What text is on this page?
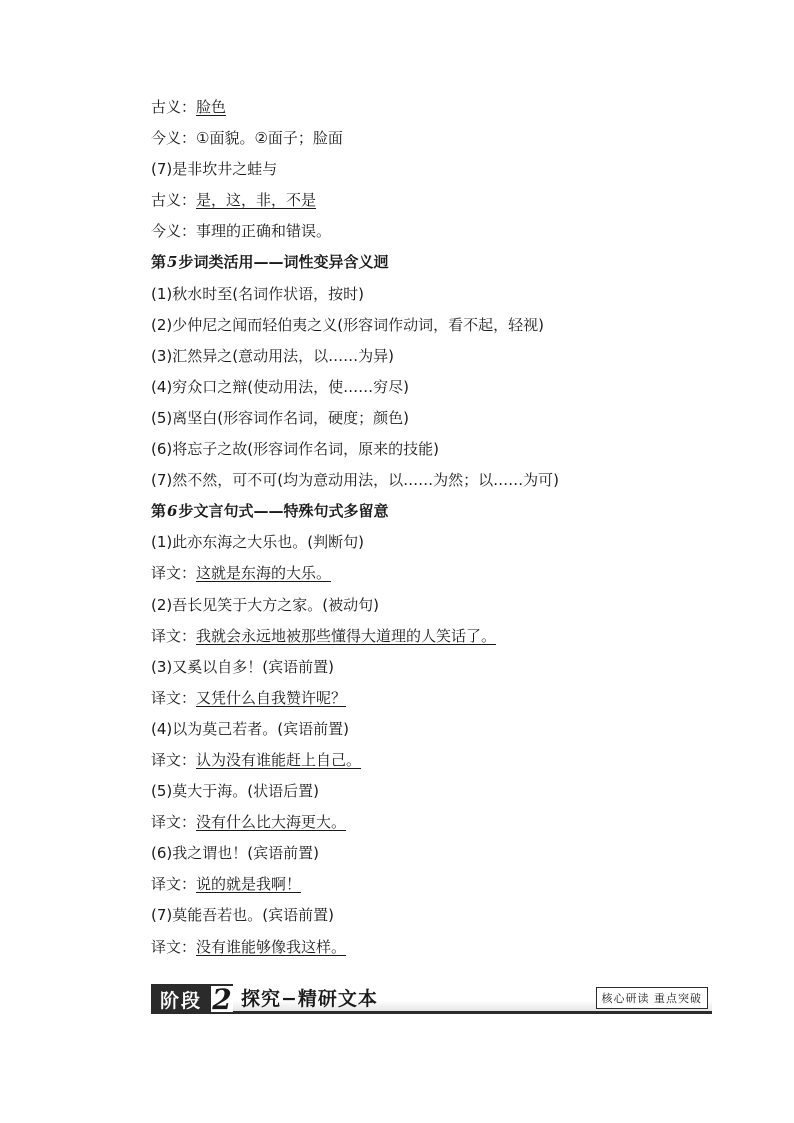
古义：脸色
今义：①面貌。②面子；脸面
(7)是非坎井之蛙与
古义：是，这，非，不是
今义：事理的正确和错误。
第5步词类活用——词性变异含义迥
(1)秋水时至(名词作状语，按时)
(2)少仲尼之闻而轻伯夷之义(形容词作动词，看不起，轻视)
(3)汇然异之(意动用法，以……为异)
(4)穷众口之辩(使动用法，使……穷尽)
(5)离坚白(形容词作名词，硬度；颜色)
(6)将忘子之故(形容词作名词，原来的技能)
(7)然不然，可不可(均为意动用法，以……为然；以……为可)
第6步文言句式——特殊句式多留意
(1)此亦东海之大乐也。(判断句)
译文：这就是东海的大乐。
(2)吾长见笑于大方之家。(被动句)
译文：我就会永远地被那些懂得大道理的人笑话了。
(3)又奚以自多！(宾语前置)
译文：又凭什么自我赞许呢？
(4)以为莫己若者。(宾语前置)
译文：认为没有谁能赶上自己。
(5)莫大于海。(状语后置)
译文：没有什么比大海更大。
(6)我之谓也！(宾语前置)
译文：说的就是我啊！
(7)莫能吾若也。(宾语前置)
译文：没有谁能够像我这样。
阶段 2 探究−精研文本	核心研读 重点突破
